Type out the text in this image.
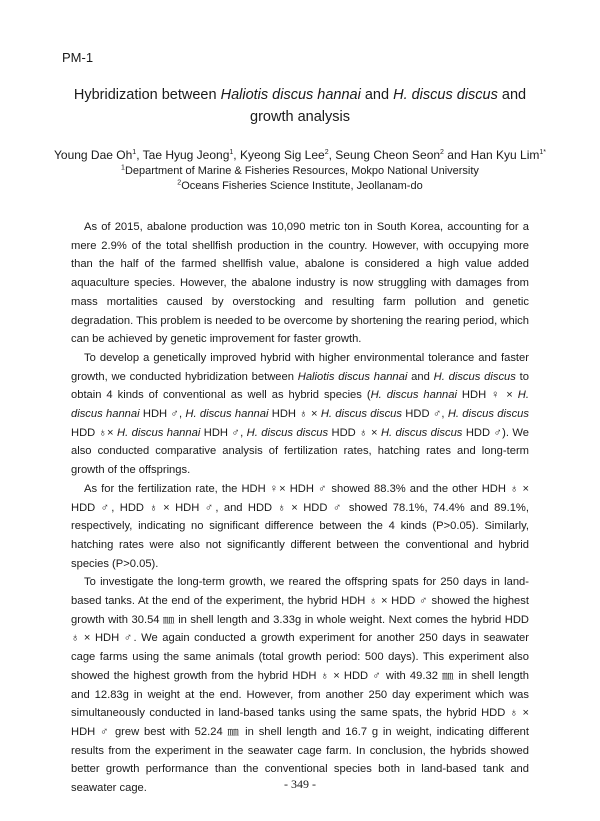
PM-1
Hybridization between Haliotis discus hannai and H. discus discus and
growth analysis
Young Dae Oh$^1$, Tae Hyug Jeong$^1$, Kyeong Sig Lee$^2$, Seung Cheon Seon$^2$ and Han Kyu Lim$^{1*}$
$^1$Department of Marine & Fisheries Resources, Mokpo National University
$^2$Oceans Fisheries Science Institute, Jeollanam-do

As of 2015, abalone production was 10,090 metric ton in South Korea, accounting for a mere 2.9% of the total shellfish production in the country. However, with occupying more than the half of the farmed shellfish value, abalone is considered a high value added aquaculture species. However, the abalone industry is now struggling with damages from mass mortalities caused by overstocking and resulting farm pollution and genetic degradation. This problem is needed to be overcome by shortening the rearing period, which can be achieved by genetic improvement for faster growth.

To develop a genetically improved hybrid with higher environmental tolerance and faster growth, we conducted hybridization between Haliotis discus hannai and H. discus discus to obtain 4 kinds of conventional as well as hybrid species (H. discus hannai HDH ♀ × H. discus hannai HDH ♂, H. discus hannai HDH ♁ × H. discus discus HDD ♂, H. discus discus HDD ♁× H. discus hannai HDH ♂, H. discus discus HDD ♁ × H. discus discus HDD ♂). We also conducted comparative analysis of fertilization rates, hatching rates and long-term growth of the offsprings.

As for the fertilization rate, the HDH ♀× HDH ♂ showed 88.3% and the other HDH ♁ × HDD ♂, HDD ♁ × HDH ♂, and HDD ♁ × HDD ♂ showed 78.1%, 74.4% and 89.1%, respectively, indicating no significant difference between the 4 kinds (P>0.05). Similarly, hatching rates were also not significantly different between the conventional and hybrid species (P>0.05).

To investigate the long-term growth, we reared the offspring spats for 250 days in land-based tanks. At the end of the experiment, the hybrid HDH ♁ × HDD ♂ showed the highest growth with 30.54 ㎜ in shell length and 3.33g in whole weight. Next comes the hybrid HDD ♁ × HDH ♂. We again conducted a growth experiment for another 250 days in seawater cage farms using the same animals (total growth period: 500 days). This experiment also showed the highest growth from the hybrid HDH ♁ × HDD ♂ with 49.32 ㎜ in shell length and 12.83g in weight at the end. However, from another 250 day experiment which was simultaneously conducted in land-based tanks using the same spats, the hybrid HDD ♁ × HDH ♂ grew best with 52.24 ㎜ in shell length and 16.7 g in weight, indicating different results from the experiment in the seawater cage farm. In conclusion, the hybrids showed better growth performance than the conventional species both in land-based tank and seawater cage.	- 349 -
